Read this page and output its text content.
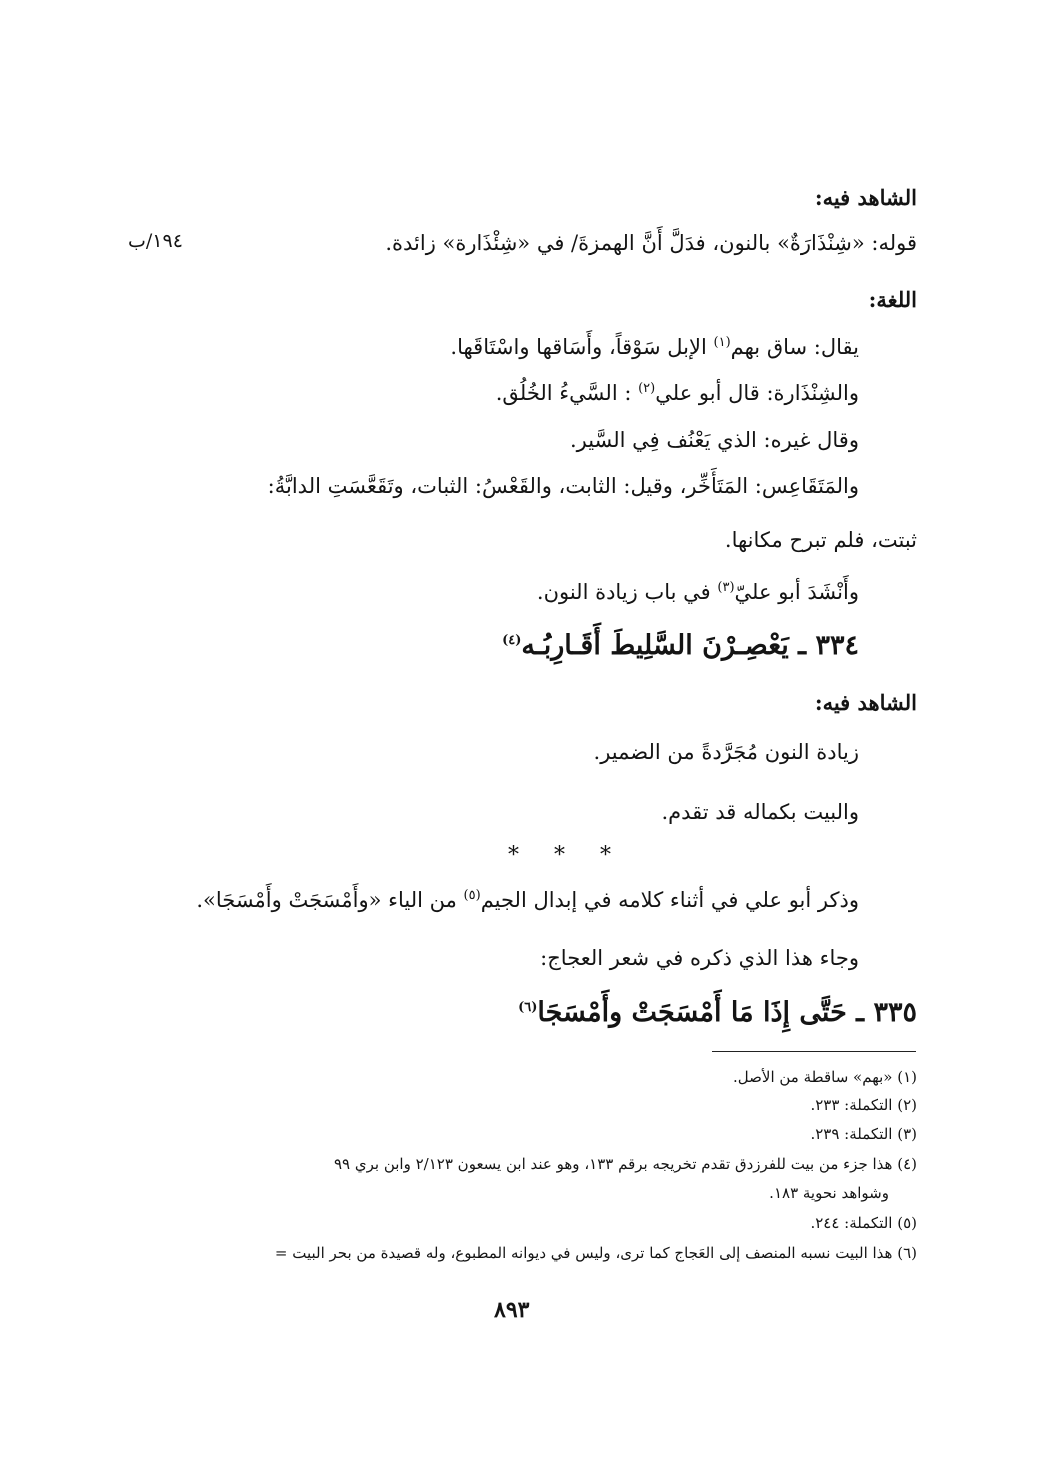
الشاهد فيه:
قوله: «شِنْذَارَةٌ» بالنون، فدَلَّ أَنَّ الهمزةَ/ في «شِئْذَارة» زائدة.
١٩٤/ب
اللغة:
يقال: ساق بهم$^{(١)}$ الإبل سَوْقاً، وأَسَاقها واسْتَاقَها.
والشِنْذَارة: قال أبو علي$^{(٢)}$ : السَّيءُ الخُلُق.
وقال غيره: الذي يَعْنُف فِي السَّير.
والمَتَقَاعِس: المَتَأَخِّر، وقيل: الثابت، والقَعْسُ: الثبات، وتَقَعَّسَتِ الدابَّةُ:
ثبتت، فلم تبرح مكانها.
وأَنْشَدَ أبو عليّ$^{(٣)}$ في باب زيادة النون.
٣٣٤ ـ يَعْصِـرْنَ السَّلِيطَ أَقَـارِبُـه$^{(٤)}$
الشاهد فيه:
زيادة النون مُجَرَّدةً من الضمير.
والبيت بكماله قد تقدم.
* * *
وذكر أبو علي في أثناء كلامه في إبدال الجيم$^{(٥)}$ من الياء «وأَمْسَجَتْ وأَمْسَجَا».
وجاء هذا الذي ذكره في شعر العجاج:
٣٣٥ ـ حَتَّى إِذَا مَا أَمْسَجَتْ وأَمْسَجَا$^{(٦)}$
(١) «بهم» ساقطة من الأصل.
(٢) التكملة: ٢٣٣.
(٣) التكملة: ٢٣٩.
(٤) هذا جزء من بيت للفرزدق تقدم تخريجه برقم ١٣٣، وهو عند ابن يسعون ٢/١٢٣ وابن بري ٩٩
وشواهد نحوية ١٨٣.
(٥) التكملة: ٢٤٤.
(٦) هذا البيت نسبه المنصف إلى العَجاج كما ترى، وليس في ديوانه المطبوع، وله قصيدة من بحر البيت =
٨٩٣
